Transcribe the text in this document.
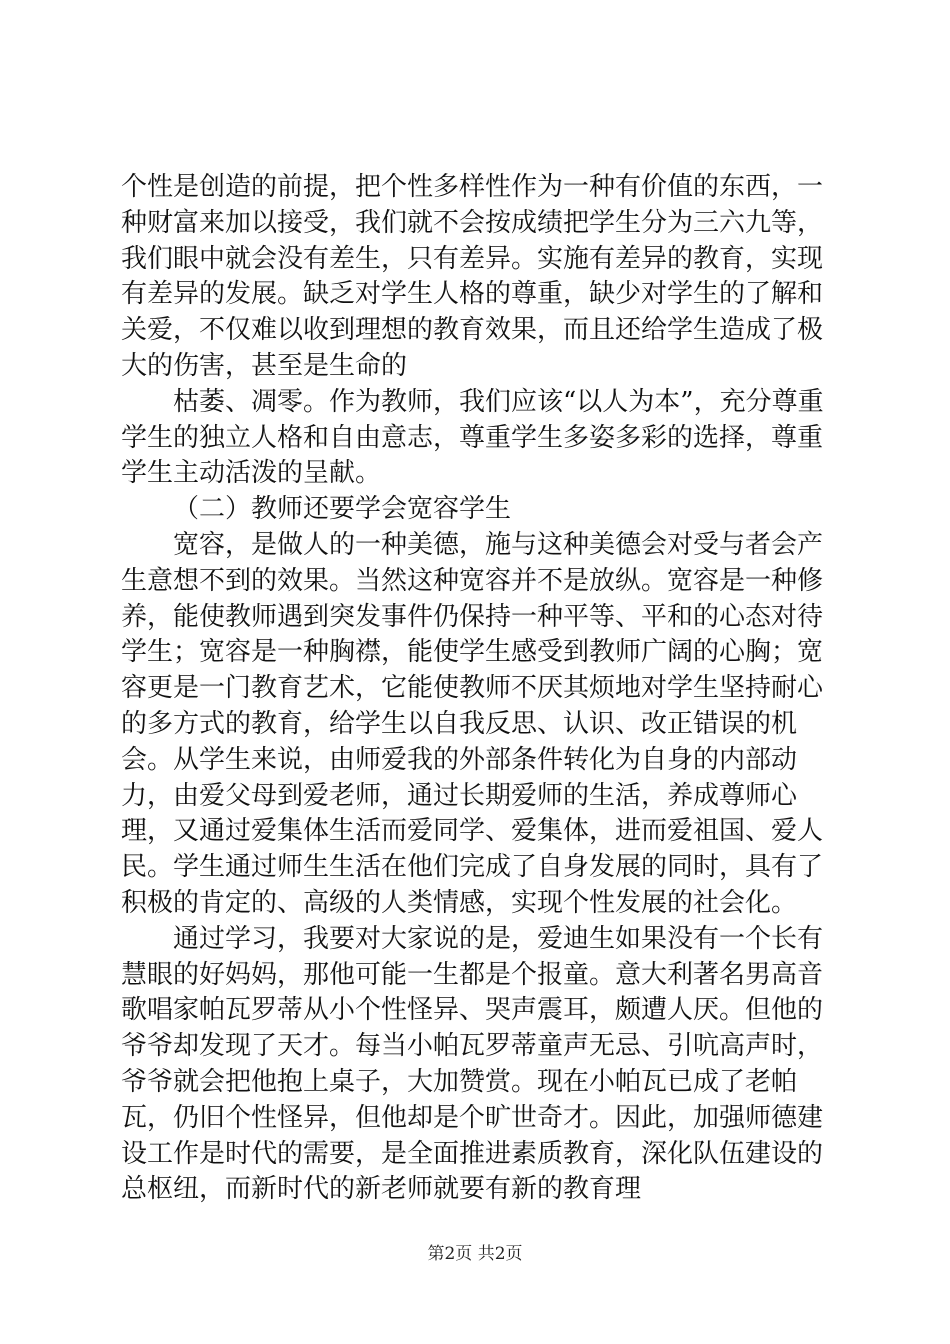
个性是创造的前提，把个性多样性作为一种有价值的东西，一种财富来加以接受，我们就不会按成绩把学生分为三六九等，我们眼中就会没有差生，只有差异。实施有差异的教育，实现有差异的发展。缺乏对学生人格的尊重，缺少对学生的了解和关爱，不仅难以收到理想的教育效果，而且还给学生造成了极大的伤害，甚至是生命的

枯萎、凋零。作为教师，我们应该“以人为本”，充分尊重学生的独立人格和自由意志，尊重学生多姿多彩的选择，尊重学生主动活泼的呈献。

（二）教师还要学会宽容学生

宽容，是做人的一种美德，施与这种美德会对受与者会产生意想不到的效果。当然这种宽容并不是放纵。宽容是一种修养，能使教师遇到突发事件仍保持一种平等、平和的心态对待学生；宽容是一种胸襟，能使学生感受到教师广阔的心胸；宽容更是一门教育艺术，它能使教师不厌其烦地对学生坚持耐心的多方式的教育，给学生以自我反思、认识、改正错误的机会。从学生来说，由师爱我的外部条件转化为自身的内部动力，由爱父母到爱老师，通过长期爱师的生活，养成尊师心理，又通过爱集体生活而爱同学、爱集体，进而爱祖国、爱人民。学生通过师生生活在他们完成了自身发展的同时，具有了积极的肯定的、高级的人类情感，实现个性发展的社会化。

通过学习，我要对大家说的是，爱迪生如果没有一个长有慧眼的好妈妈，那他可能一生都是个报童。意大利著名男高音歌唱家帕瓦罗蒂从小个性怪异、哭声震耳，颇遭人厌。但他的爷爷却发现了天才。每当小帕瓦罗蒂童声无忌、引吭高声时，爷爷就会把他抱上桌子，大加赞赏。现在小帕瓦已成了老帕瓦，仍旧个性怪异，但他却是个旷世奇才。因此，加强师德建设工作是时代的需要，是全面推进素质教育，深化队伍建设的总枢纽，而新时代的新老师就要有新的教育理

第2页 共2页
